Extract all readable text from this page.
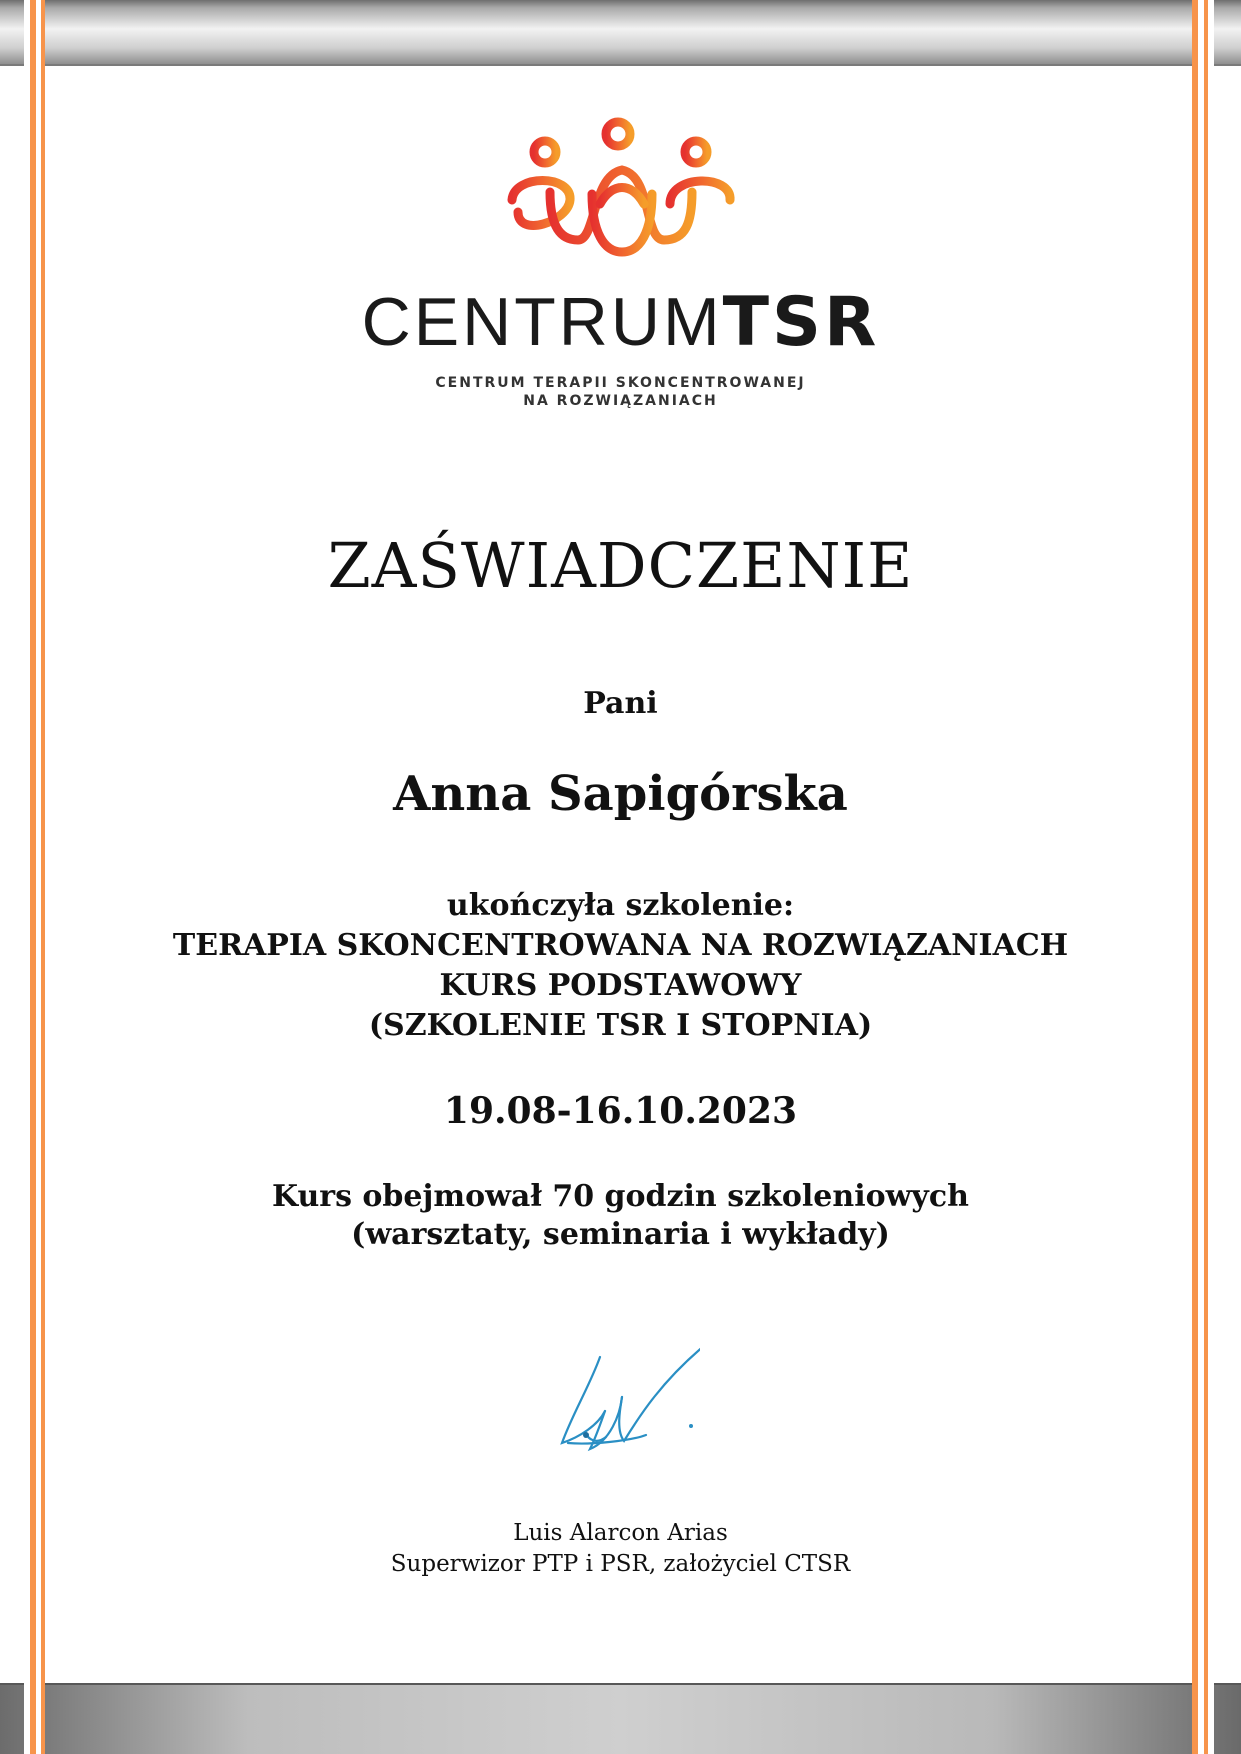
CENTRUMTSR
CENTRUM TERAPII SKONCENTROWANEJ
NA ROZWIĄZANIACH
ZAŚWIADCZENIE
Pani
Anna Sapigórska
ukończyła szkolenie:
TERAPIA SKONCENTROWANA NA ROZWIĄZANIACH
KURS PODSTAWOWY
(SZKOLENIE TSR I STOPNIA)
19.08-16.10.2023
Kurs obejmował 70 godzin szkoleniowych
(warsztaty, seminaria i wykłady)
Luis Alarcon Arias
Superwizor PTP i PSR, założyciel CTSR
